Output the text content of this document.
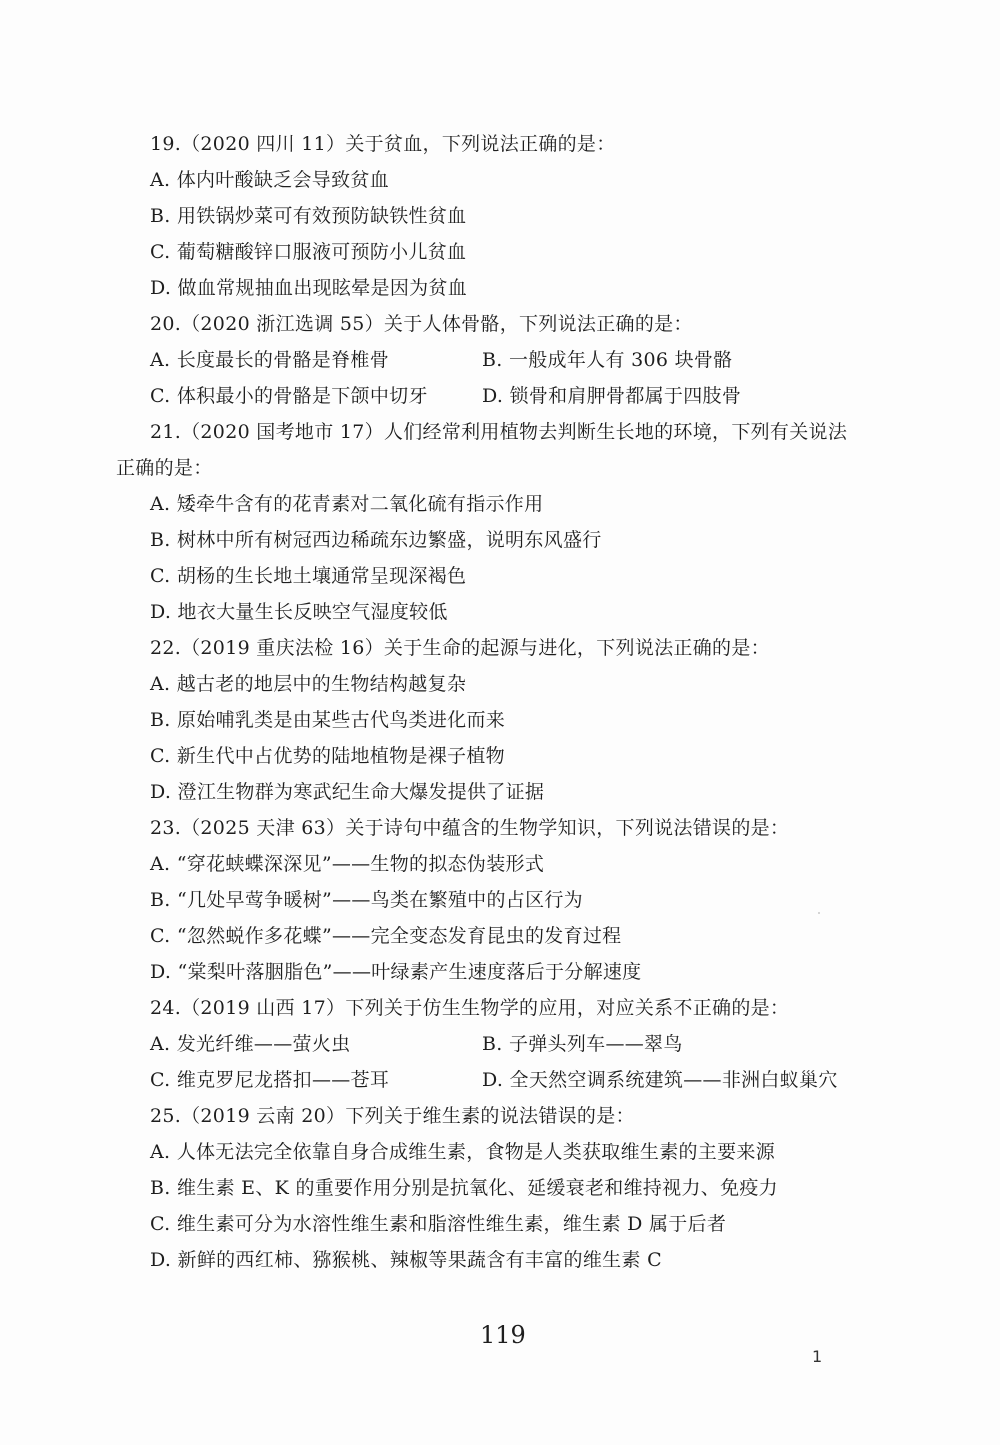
19.（2020 四川 11）关于贫血，下列说法正确的是：
A. 体内叶酸缺乏会导致贫血
B. 用铁锅炒菜可有效预防缺铁性贫血
C. 葡萄糖酸锌口服液可预防小儿贫血
D. 做血常规抽血出现眩晕是因为贫血
20.（2020 浙江选调 55）关于人体骨骼，下列说法正确的是：
A. 长度最长的骨骼是脊椎骨	B. 一般成年人有 306 块骨骼
C. 体积最小的骨骼是下颌中切牙	D. 锁骨和肩胛骨都属于四肢骨
21.（2020 国考地市 17）人们经常利用植物去判断生长地的环境，下列有关说法
正确的是：
A. 矮牵牛含有的花青素对二氧化硫有指示作用
B. 树林中所有树冠西边稀疏东边繁盛，说明东风盛行
C. 胡杨的生长地土壤通常呈现深褐色
D. 地衣大量生长反映空气湿度较低
22.（2019 重庆法检 16）关于生命的起源与进化，下列说法正确的是：
A. 越古老的地层中的生物结构越复杂
B. 原始哺乳类是由某些古代鸟类进化而来
C. 新生代中占优势的陆地植物是裸子植物
D. 澄江生物群为寒武纪生命大爆发提供了证据
23.（2025 天津 63）关于诗句中蕴含的生物学知识，下列说法错误的是：
A. “穿花蛱蝶深深见”——生物的拟态伪装形式
B. “几处早莺争暖树”——鸟类在繁殖中的占区行为
C. “忽然蜕作多花蝶”——完全变态发育昆虫的发育过程
D. “棠梨叶落胭脂色”——叶绿素产生速度落后于分解速度
24.（2019 山西 17）下列关于仿生生物学的应用，对应关系不正确的是：
A. 发光纤维——萤火虫	B. 子弹头列车——翠鸟
C. 维克罗尼龙搭扣——苍耳	D. 全天然空调系统建筑——非洲白蚁巢穴
25.（2019 云南 20）下列关于维生素的说法错误的是：
A. 人体无法完全依靠自身合成维生素，食物是人类获取维生素的主要来源
B. 维生素 E、K 的重要作用分别是抗氧化、延缓衰老和维持视力、免疫力
C. 维生素可分为水溶性维生素和脂溶性维生素，维生素 D 属于后者
D. 新鲜的西红柿、猕猴桃、辣椒等果蔬含有丰富的维生素 C
119
1
